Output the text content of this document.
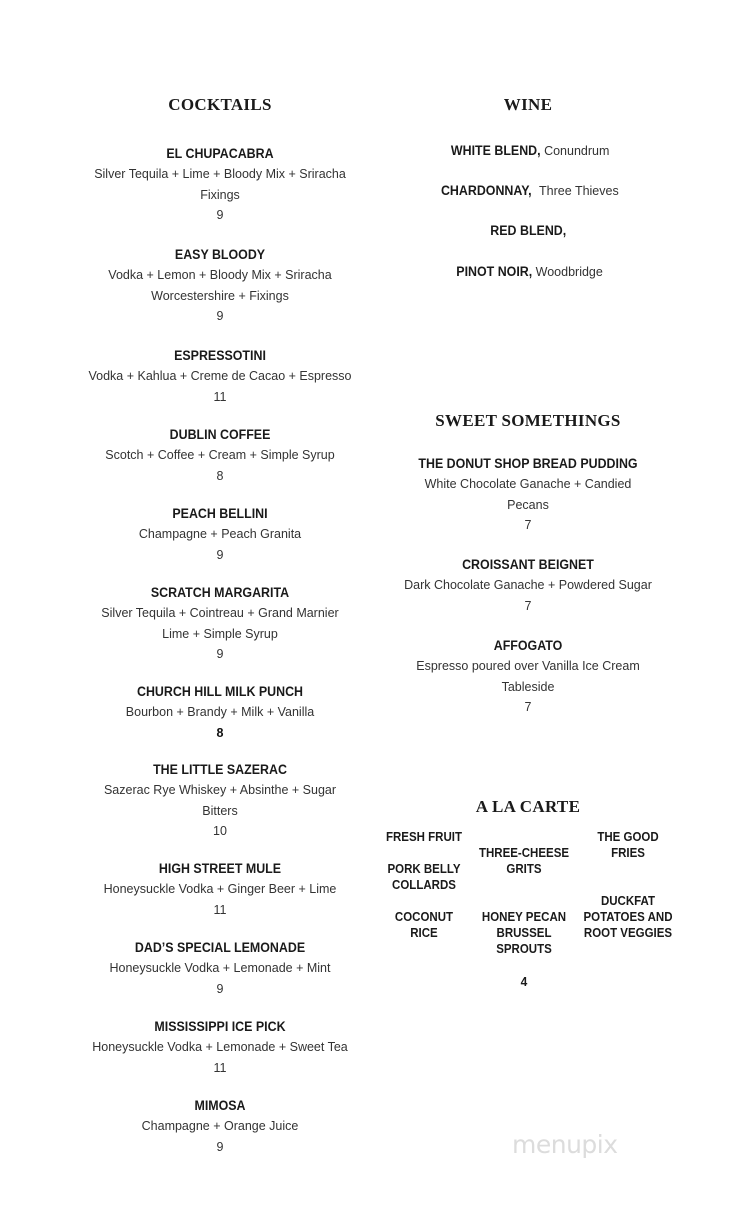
COCKTAILS
EL CHUPACABRA
Silver Tequila + Lime + Bloody Mix + Sriracha
Fixings
9
EASY BLOODY
Vodka + Lemon + Bloody Mix + Sriracha
Worcestershire + Fixings
9
ESPRESSOTINI
Vodka + Kahlua + Creme de Cacao + Espresso
11
DUBLIN COFFEE
Scotch + Coffee + Cream + Simple Syrup
8
PEACH BELLINI
Champagne + Peach Granita
9
SCRATCH MARGARITA
Silver Tequila + Cointreau + Grand Marnier
Lime + Simple Syrup
9
CHURCH HILL MILK PUNCH
Bourbon + Brandy + Milk + Vanilla
8
THE LITTLE SAZERAC
Sazerac Rye Whiskey + Absinthe + Sugar
Bitters
10
HIGH STREET MULE
Honeysuckle Vodka + Ginger Beer + Lime
11
DAD’S SPECIAL LEMONADE
Honeysuckle Vodka + Lemonade + Mint
9
MISSISSIPPI ICE PICK
Honeysuckle Vodka + Lemonade + Sweet Tea
11
MIMOSA
Champagne + Orange Juice
9
WINE
WHITE BLEND, Conundrum
CHARDONNAY, Three Thieves
RED BLEND,
PINOT NOIR, Woodbridge
SWEET SOMETHINGS
THE DONUT SHOP BREAD PUDDING
White Chocolate Ganache + Candied
Pecans
7
CROISSANT BEIGNET
Dark Chocolate Ganache + Powdered Sugar
7
AFFOGATO
Espresso poured over Vanilla Ice Cream
Tableside
7
A LA CARTE
FRESH FRUIT
PORK BELLY
COLLARDS
COCONUT
RICE
THREE-CHEESE
GRITS
HONEY PECAN
BRUSSEL
SPROUTS
THE GOOD
FRIES
DUCKFAT
POTATOES AND
ROOT VEGGIES
4
menupix
